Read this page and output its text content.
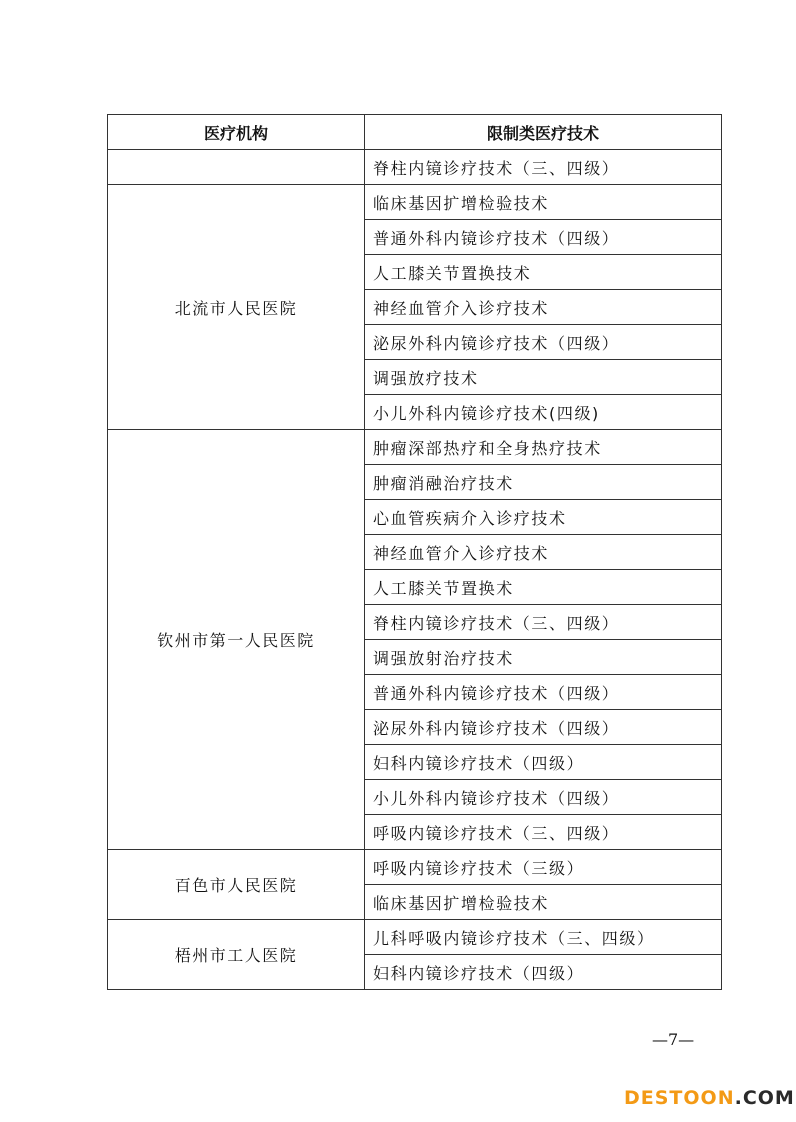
医疗机构	限制类医疗技术
	脊柱内镜诊疗技术（三、四级）
北流市人民医院	临床基因扩增检验技术
	普通外科内镜诊疗技术（四级）
	人工膝关节置换技术
	神经血管介入诊疗技术
	泌尿外科内镜诊疗技术（四级）
	调强放疗技术
	小儿外科内镜诊疗技术(四级)
钦州市第一人民医院	肿瘤深部热疗和全身热疗技术
	肿瘤消融治疗技术
	心血管疾病介入诊疗技术
	神经血管介入诊疗技术
	人工膝关节置换术
	脊柱内镜诊疗技术（三、四级）
	调强放射治疗技术
	普通外科内镜诊疗技术（四级）
	泌尿外科内镜诊疗技术（四级）
	妇科内镜诊疗技术（四级）
	小儿外科内镜诊疗技术（四级）
	呼吸内镜诊疗技术（三、四级）
百色市人民医院	呼吸内镜诊疗技术（三级）
	临床基因扩增检验技术
梧州市工人医院	儿科呼吸内镜诊疗技术（三、四级）
	妇科内镜诊疗技术（四级）
—7—
DESTOON.COM
